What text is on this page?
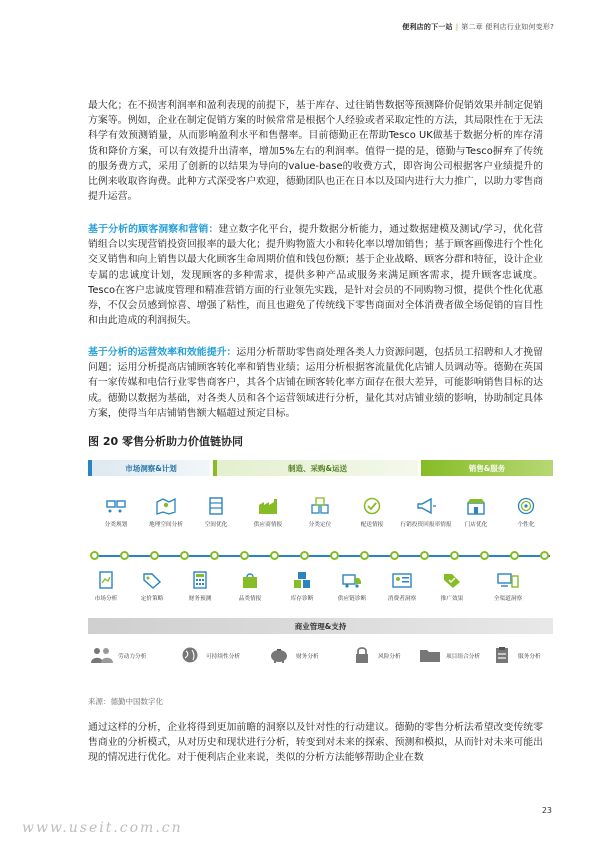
便利店的下一站 | 第二章 便利店行业如何变形?

最大化；在不损害利润率和盈利表现的前提下，基于库存、过往销售数据等预测降价促销效果并制定促销方案等。例如，企业在制定促销方案的时候常常是根据个人经验或者采取定性的方法，其局限性在于无法科学有效预测销量，从而影响盈利水平和售罄率。目前德勤正在帮助Tesco UK做基于数据分析的库存清货和降价方案，可以有效提升出清率，增加5%左右的利润率。值得一提的是，德勤与Tesco摒弃了传统的服务费方式，采用了创新的以结果为导向的value-base的收费方式，即咨询公司根据客户业绩提升的比例来收取咨询费。此种方式深受客户欢迎，德勤团队也正在日本以及国内进行大力推广，以助力零售商提升运营。

基于分析的顾客洞察和营销：建立数字化平台，提升数据分析能力，通过数据建模及测试/学习，优化营销组合以实现营销投资回报率的最大化；提升购物篮大小和转化率以增加销售；基于顾客画像进行个性化交叉销售和向上销售以最大化顾客生命周期价值和钱包份额；基于企业战略、顾客分群和特征，设计企业专属的忠诚度计划，发现顾客的多种需求，提供多种产品或服务来满足顾客需求，提升顾客忠诚度。Tesco在客户忠诚度管理和精准营销方面的行业领先实践，是针对会员的不同购物习惯，提供个性化优惠券，不仅会员感到惊喜、增强了粘性，而且也避免了传统线下零售商面对全体消费者做全场促销的盲目性和由此造成的利润损失。

基于分析的运营效率和效能提升：运用分析帮助零售商处理各类人力资源问题，包括员工招聘和人才挽留问题；运用分析提高店铺顾客转化率和销售业绩；运用分析根据客流量优化店铺人员调动等。德勤在英国有一家传媒和电信行业零售商客户，其各个店铺在顾客转化率方面存在很大差异，可能影响销售目标的达成。德勤以数据为基础，对各类人员和各个运营领域进行分析，量化其对店铺业绩的影响，协助制定具体方案，使得当年店铺销售额大幅超过预定目标。

图 20 零售分析助力价值链协同
市场洞察&计划	制造、采购&运送	销售&服务
分类规划	地理空间分析	空间优化	供应商情报	分类定位	配送情报	行销投资回报率情报	门店优化	个性化
市场分析	定价策略	财务预测	品类情报	库存诊断	供应链诊断	消费者洞察	推广效果	全渠道洞察
商业管理&支持
劳动力分析	可持续性分析	财务分析	风险分析	项目组合分析	服务分析
来源：德勤中国数字化

通过这样的分析，企业将得到更加前瞻的洞察以及针对性的行动建议。德勤的零售分析法希望改变传统零售商业的分析模式，从对历史和现状进行分析，转变到对未来的探索、预测和模拟，从而针对未来可能出现的情况进行优化。对于便利店企业来说，类似的分析方法能够帮助企业在数

23
www.useit.com.cn
